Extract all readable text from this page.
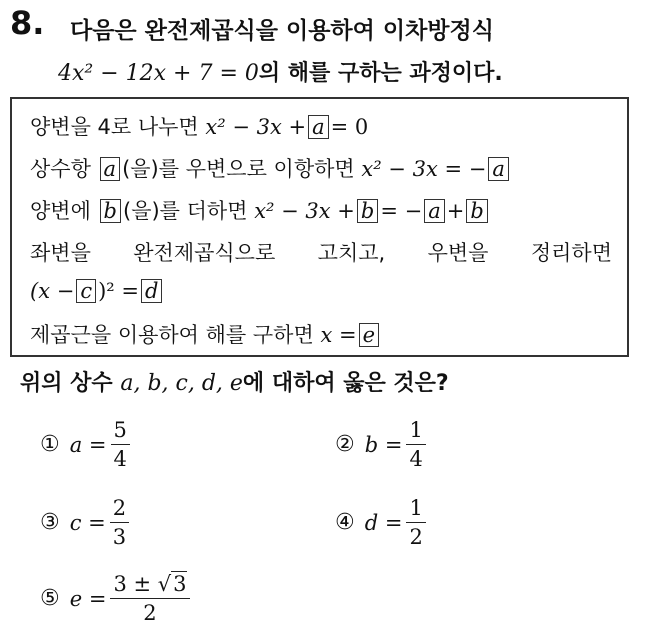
8. 다음은 완전제곱식을 이용하여 이차방정식
4x² − 12x + 7 = 0의 해를 구하는 과정이다.
양변을 4로 나누면 x² − 3x + a = 0
상수항 a (을)를 우변으로 이항하면 x² − 3x = − a
양변에 b (을)를 더하면 x² − 3x + b = − a + b
좌변을 완전제곱식으로 고치고, 우변을 정리하면
(x − c )² = d
제곱근을 이용하여 해를 구하면 x = e
위의 상수 a, b, c, d, e에 대하여 옳은 것은?
① $a = \frac{5}{4}$	② $b = \frac{1}{4}$
③ $c = \frac{2}{3}$	④ $d = \frac{1}{2}$
⑤ $e = \frac{3 \pm √3}{2}$
